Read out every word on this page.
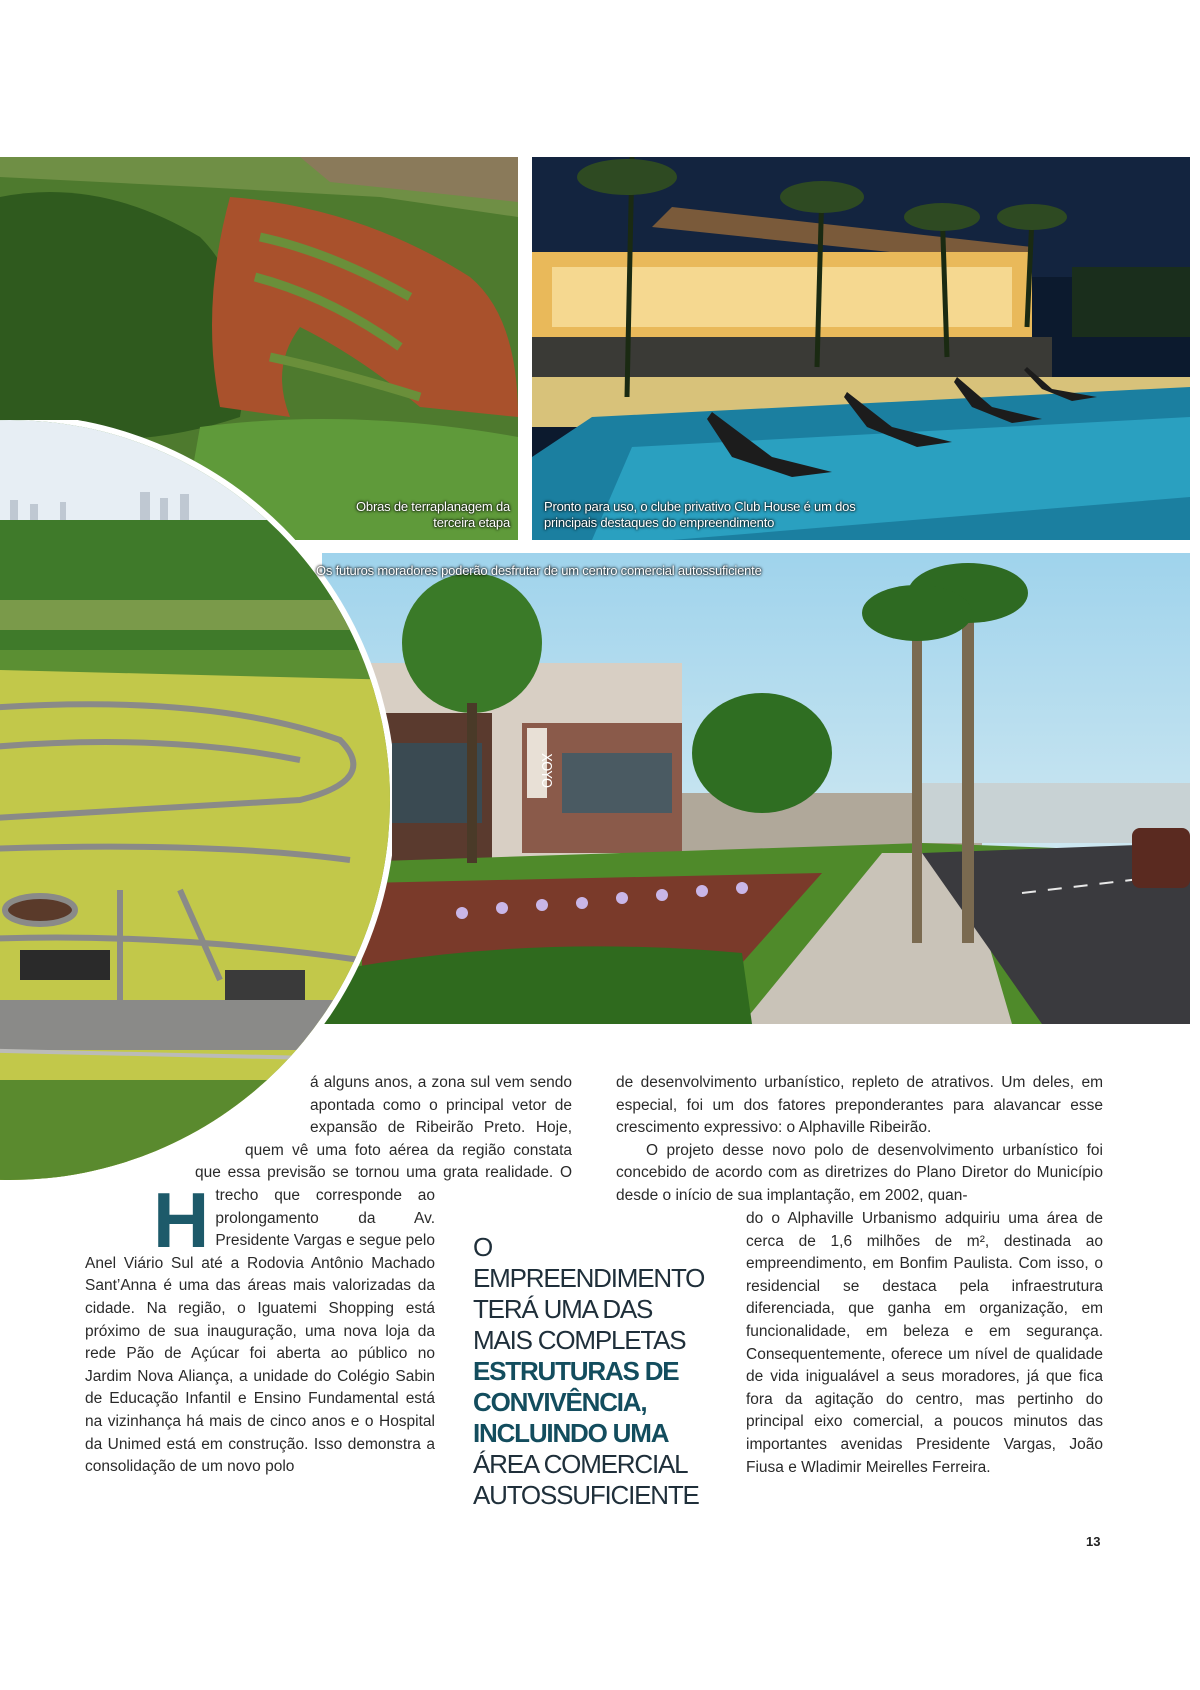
XOYO
Obras de terraplanagem da terceira etapa
Pronto para uso, o clube privativo Club House é um dos principais destaques do empreendimento
Os futuros moradores poderão desfrutar de um centro comercial autossuficiente
H
á alguns anos, a zona sul vem sendo apontada como o principal vetor de expansão de Ribeirão Preto. Hoje, quem vê uma foto aérea da região constata que essa previsão se tornou uma grata realidade. O trecho que corresponde ao prolongamento da Av. Presidente Vargas e segue pelo Anel Viário Sul até a Rodovia Antônio Machado Sant’Anna é uma das áreas mais valorizadas da cidade. Na região, o Iguatemi Shopping está próximo de sua inauguração, uma nova loja da rede Pão de Açúcar foi aberta ao público no Jardim Nova Aliança, a unidade do Colégio Sabin de Educação Infantil e Ensino Fundamental está na vizinhança há mais de cinco anos e o Hospital da Unimed está em construção. Isso demonstra a consolidação de um novo polo

de desenvolvimento urbanístico, repleto de atrativos. Um deles, em especial, foi um dos fatores preponderantes para alavancar esse crescimento expressivo: o Alphaville Ribeirão.

O projeto desse novo polo de desenvolvimento urbanístico foi concebido de acordo com as diretrizes do Plano Diretor do Município desde o início de sua implantação, em 2002, quan-

do o Alphaville Urbanismo adquiriu uma área de cerca de 1,6 milhões de m², destinada ao empreendimento, em Bonfim Paulista. Com isso, o residencial se destaca pela infraestrutura diferenciada, que ganha em organização, em funcionalidade, em beleza e em segurança. Consequentemente, oferece um nível de qualidade de vida inigualável a seus moradores, já que fica fora da agitação do centro, mas pertinho do principal eixo comercial, a poucos minutos das importantes avenidas Presidente Vargas, João Fiusa e Wladimir Meirelles Ferreira.

O EMPREENDIMENTO
TERÁ UMA DAS
MAIS COMPLETAS
ESTRUTURAS DE
CONVIVÊNCIA,
INCLUINDO UMA
ÁREA COMERCIAL
AUTOSSUFICIENTE
13
